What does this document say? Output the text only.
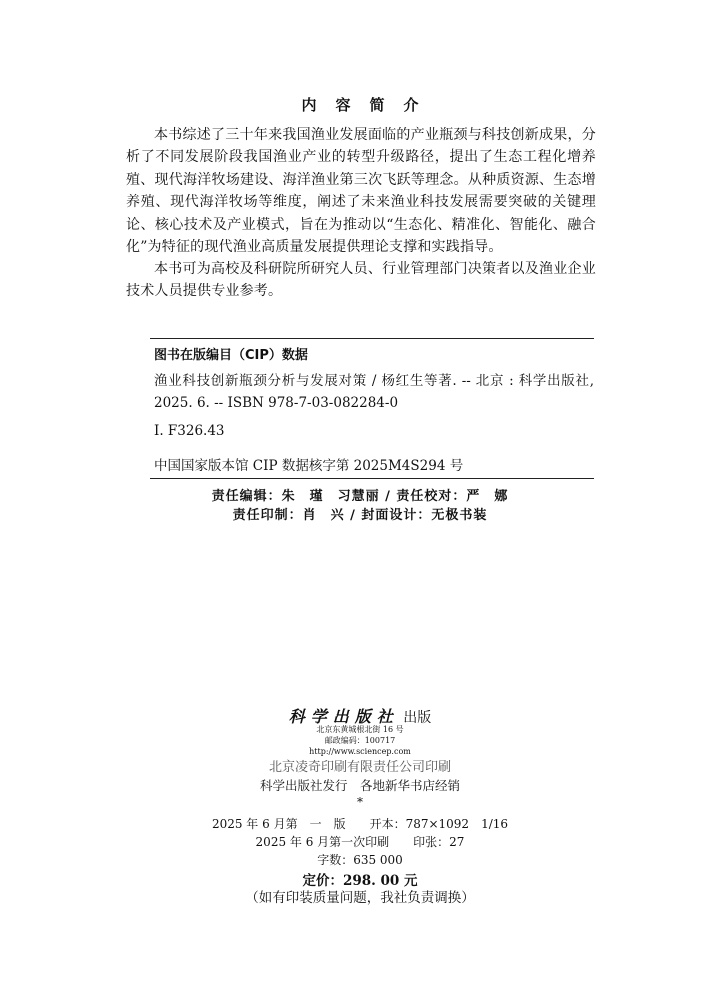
内容简介
本书综述了三十年来我国渔业发展面临的产业瓶颈与科技创新成果，分析了不同发展阶段我国渔业产业的转型升级路径，提出了生态工程化增养殖、现代海洋牧场建设、海洋渔业第三次飞跃等理念。从种质资源、生态增养殖、现代海洋牧场等维度，阐述了未来渔业科技发展需要突破的关键理论、核心技术及产业模式，旨在为推动以“生态化、精准化、智能化、融合化”为特征的现代渔业高质量发展提供理论支撑和实践指导。
本书可为高校及科研院所研究人员、行业管理部门决策者以及渔业企业技术人员提供专业参考。
图书在版编目（CIP）数据
渔业科技创新瓶颈分析与发展对策 / 杨红生等著. -- 北京 : 科学出版社, 2025. 6. -- ISBN 978-7-03-082284-0
Ⅰ. F326.43
中国国家版本馆 CIP 数据核字第 2025M4S294 号
责任编辑：朱　瑾　习慧丽 / 责任校对：严　娜
责任印制：肖　兴 / 封面设计：无极书装
科学出版社 出版
北京东黄城根北街 16 号
邮政编码：100717
http://www.sciencep.com
北京凌奇印刷有限责任公司印刷
科学出版社发行　各地新华书店经销
*
2025 年 6 月第　一　版　　开本：787×1092　1/16
2025 年 6 月第一次印刷　　印张：27
字数：635 000
定价：298. 00 元
（如有印装质量问题，我社负责调换）
